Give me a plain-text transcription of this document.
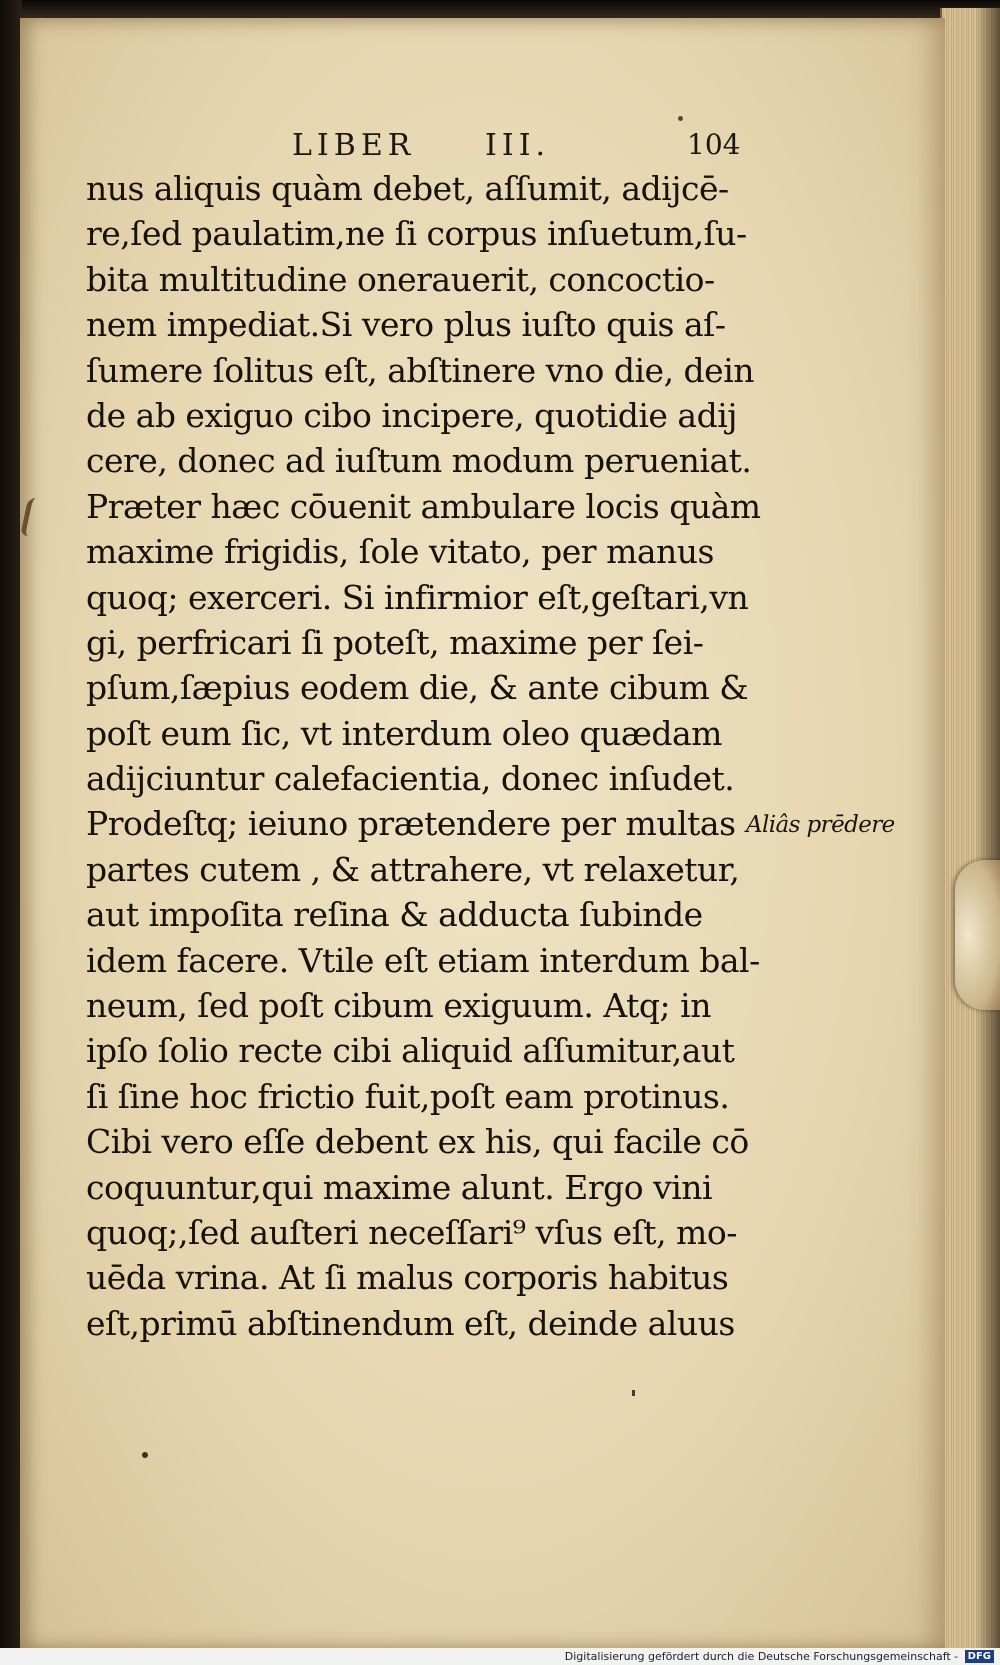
LIBER III.	104
nus aliquis quàm debet, aſſumit, adijcē-
re,ſed paulatim,ne ſi corpus inſuetum,ſu-
bita multitudine onerauerit, concoctio-
nem impediat.Si vero plus iuſto quis aſ-
ſumere ſolitus eſt, abſtinere vno die, dein
de ab exiguo cibo incipere, quotidie adij
cere, donec ad iuſtum modum perueniat.
Præter hæc cōuenit ambulare locis quàm
maxime frigidis, ſole vitato, per manus
quoq; exerceri. Si infirmior eſt,geſtari,vn
gi, perfricari ſi poteſt, maxime per ſei-
pſum,ſæpius eodem die, & ante cibum &
poſt eum ſic, vt interdum oleo quædam
adijciuntur calefacientia, donec inſudet.
Prodeſtq; ieiuno prætendere per multas
partes cutem , & attrahere, vt relaxetur,
aut impoſita reſina & adducta ſubinde
idem facere. Vtile eſt etiam interdum bal-
neum, ſed poſt cibum exiguum. Atq; in
ipſo ſolio recte cibi aliquid aſſumitur,aut
ſi ſine hoc frictio fuit,poſt eam protinus.
Cibi vero eſſe debent ex his, qui facile cō
coquuntur,qui maxime alunt. Ergo vini
quoq;,ſed auſteri neceſſari⁹ vſus eſt, mo-
uēda vrina. At ſi malus corporis habitus
eſt,primū abſtinendum eſt, deinde aluus
Aliâs prēdere
Digitalisierung gefördert durch die Deutsche Forschungsgemeinschaft - DFG
